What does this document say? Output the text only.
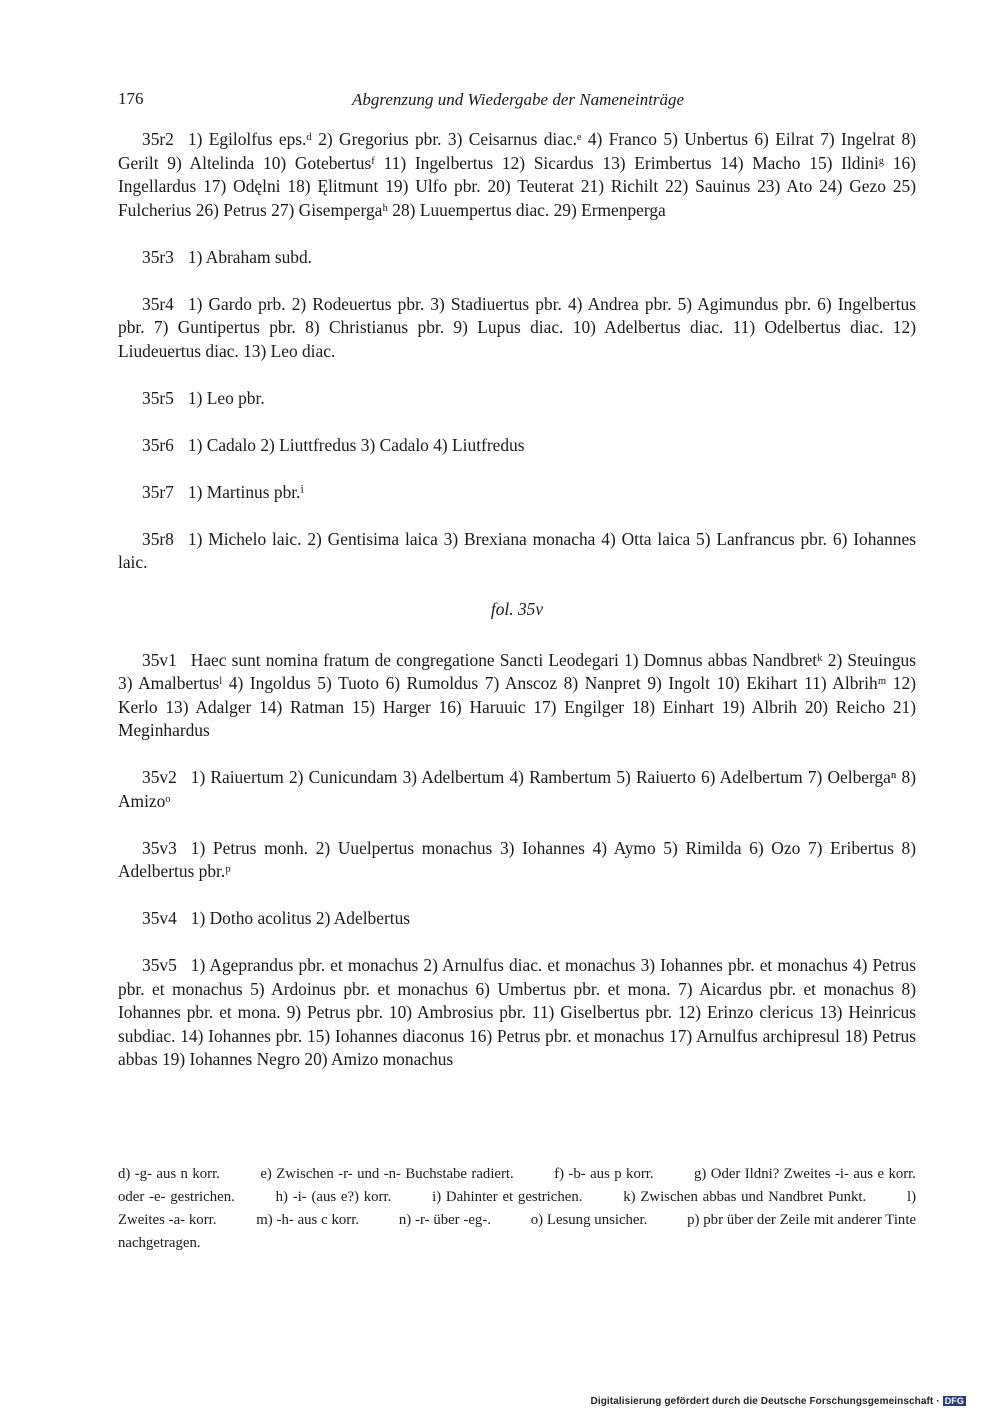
176	Abgrenzung und Wiedergabe der Nameneinträge

35r2 1) Egilolfus eps.ᵈ 2) Gregorius pbr. 3) Ceisarnus diac.ᵉ 4) Franco 5) Unbertus 6) Eilrat 7) Ingelrat 8) Gerilt 9) Altelinda 10) Gotebertusᶠ 11) Ingelbertus 12) Sicardus 13) Erimbertus 14) Macho 15) Ildiniᵍ 16) Ingellardus 17) Odęlni 18) Ęlitmunt 19) Ulfo pbr. 20) Teuterat 21) Richilt 22) Sauinus 23) Ato 24) Gezo 25) Fulcherius 26) Petrus 27) Gisempergaʰ 28) Luuempertus diac. 29) Ermenperga

35r3 1) Abraham subd.

35r4 1) Gardo prb. 2) Rodeuertus pbr. 3) Stadiuertus pbr. 4) Andrea pbr. 5) Agimundus pbr. 6) Ingelbertus pbr. 7) Guntipertus pbr. 8) Christianus pbr. 9) Lupus diac. 10) Adelbertus diac. 11) Odelbertus diac. 12) Liudeuertus diac. 13) Leo diac.

35r5 1) Leo pbr.

35r6 1) Cadalo 2) Liuttfredus 3) Cadalo 4) Liutfredus

35r7 1) Martinus pbr.ⁱ

35r8 1) Michelo laic. 2) Gentisima laica 3) Brexiana monacha 4) Otta laica 5) Lanfrancus pbr. 6) Iohannes laic.

fol. 35v

35v1 Haec sunt nomina fratum de congregatione Sancti Leodegari 1) Domnus abbas Nandbretᵏ 2) Steuingus 3) Amalbertusˡ 4) Ingoldus 5) Tuoto 6) Rumoldus 7) Anscoz 8) Nanpret 9) Ingolt 10) Ekihart 11) Albrihᵐ 12) Kerlo 13) Adalger 14) Ratman 15) Harger 16) Haruuic 17) Engilger 18) Einhart 19) Albrih 20) Reicho 21) Meginhardus

35v2 1) Raiuertum 2) Cunicundam 3) Adelbertum 4) Rambertum 5) Raiuerto 6) Adelbertum 7) Oelbergaⁿ 8) Amizoᵒ

35v3 1) Petrus monh. 2) Uuelpertus monachus 3) Iohannes 4) Aymo 5) Rimilda 6) Ozo 7) Eribertus 8) Adelbertus pbr.ᵖ

35v4 1) Dotho acolitus 2) Adelbertus

35v5 1) Ageprandus pbr. et monachus 2) Arnulfus diac. et monachus 3) Iohannes pbr. et monachus 4) Petrus pbr. et monachus 5) Ardoinus pbr. et monachus 6) Umbertus pbr. et mona. 7) Aicardus pbr. et monachus 8) Iohannes pbr. et mona. 9) Petrus pbr. 10) Ambrosius pbr. 11) Giselbertus pbr. 12) Erinzo clericus 13) Heinricus subdiac. 14) Iohannes pbr. 15) Iohannes diaconus 16) Petrus pbr. et monachus 17) Arnulfus archipresul 18) Petrus abbas 19) Iohannes Negro 20) Amizo monachus

d) -g- aus n korr.	e) Zwischen -r- und -n- Buchstabe radiert.	f) -b- aus p korr.	g) Oder Ildni? Zweites -i- aus e korr. oder -e- gestrichen.	h) -i- (aus e?) korr.	i) Dahinter et gestrichen.	k) Zwischen abbas und Nandbret Punkt.	l) Zweites -a- korr.	m) -h- aus c korr.	n) -r- über -eg-.	o) Lesung unsicher.	p) pbr über der Zeile mit anderer Tinte nachgetragen.
Digitalisierung gefördert durch die Deutsche Forschungsgemeinschaft · DFG
